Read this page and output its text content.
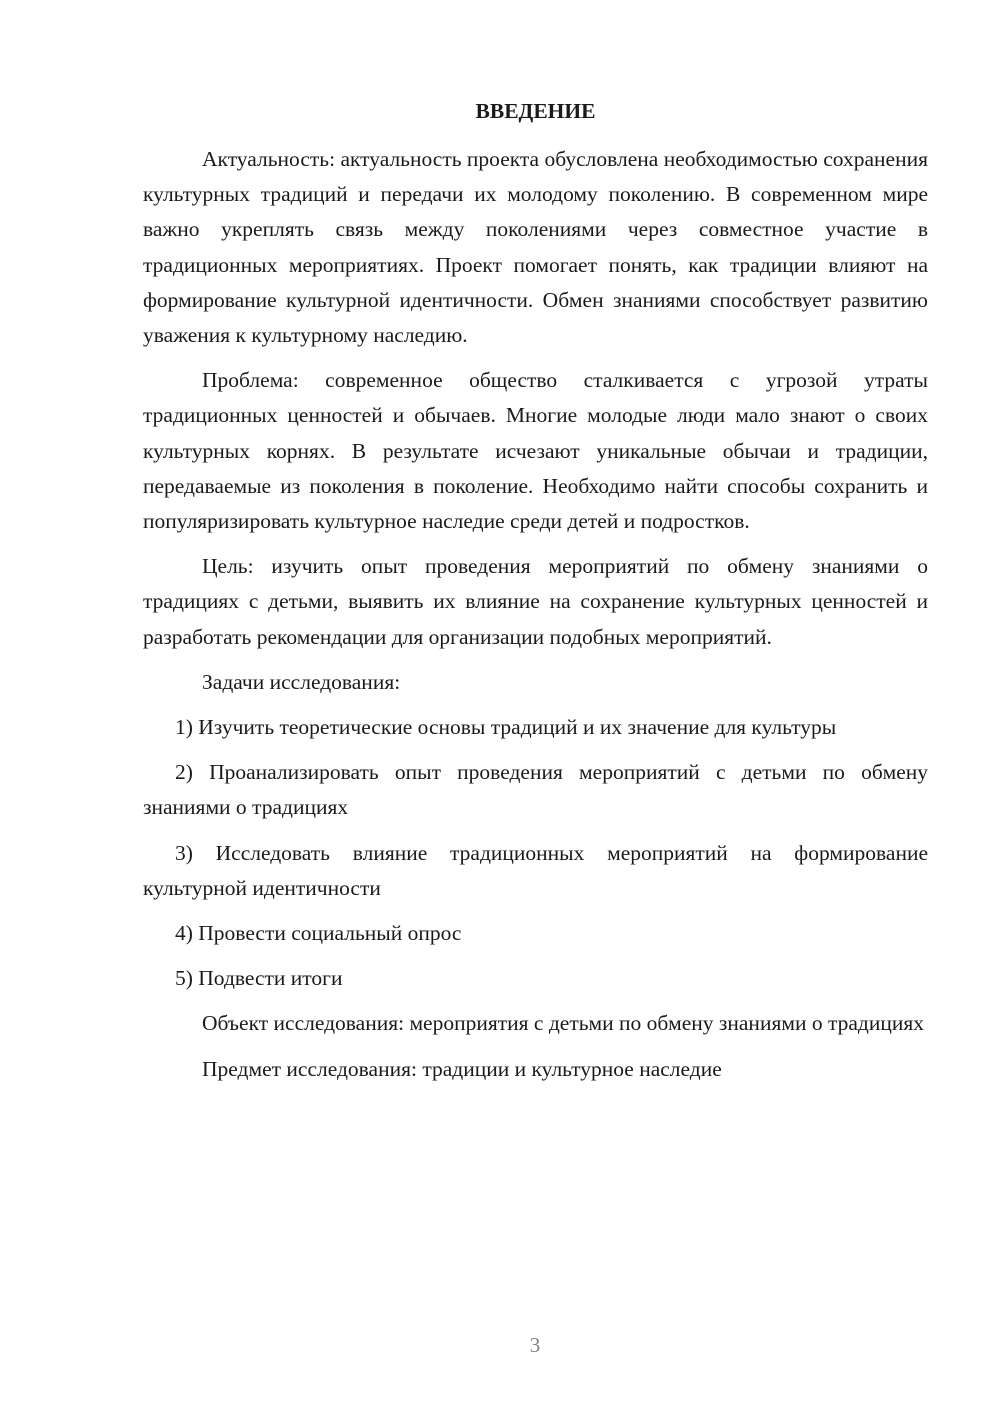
ВВЕДЕНИЕ

Актуальность: актуальность проекта обусловлена необходимостью сохранения культурных традиций и передачи их молодому поколению. В современном мире важно укреплять связь между поколениями через совместное участие в традиционных мероприятиях. Проект помогает понять, как традиции влияют на формирование культурной идентичности. Обмен знаниями способствует развитию уважения к культурному наследию.

Проблема: современное общество сталкивается с угрозой утраты традиционных ценностей и обычаев. Многие молодые люди мало знают о своих культурных корнях. В результате исчезают уникальные обычаи и традиции, передаваемые из поколения в поколение. Необходимо найти способы сохранить и популяризировать культурное наследие среди детей и подростков.

Цель: изучить опыт проведения мероприятий по обмену знаниями о традициях с детьми, выявить их влияние на сохранение культурных ценностей и разработать рекомендации для организации подобных мероприятий.

Задачи исследования:

1) Изучить теоретические основы традиций и их значение для культуры

2) Проанализировать опыт проведения мероприятий с детьми по обмену знаниями о традициях

3) Исследовать влияние традиционных мероприятий на формирование культурной идентичности

4) Провести социальный опрос

5) Подвести итоги

Объект исследования: мероприятия с детьми по обмену знаниями о традициях

Предмет исследования: традиции и культурное наследие

3
